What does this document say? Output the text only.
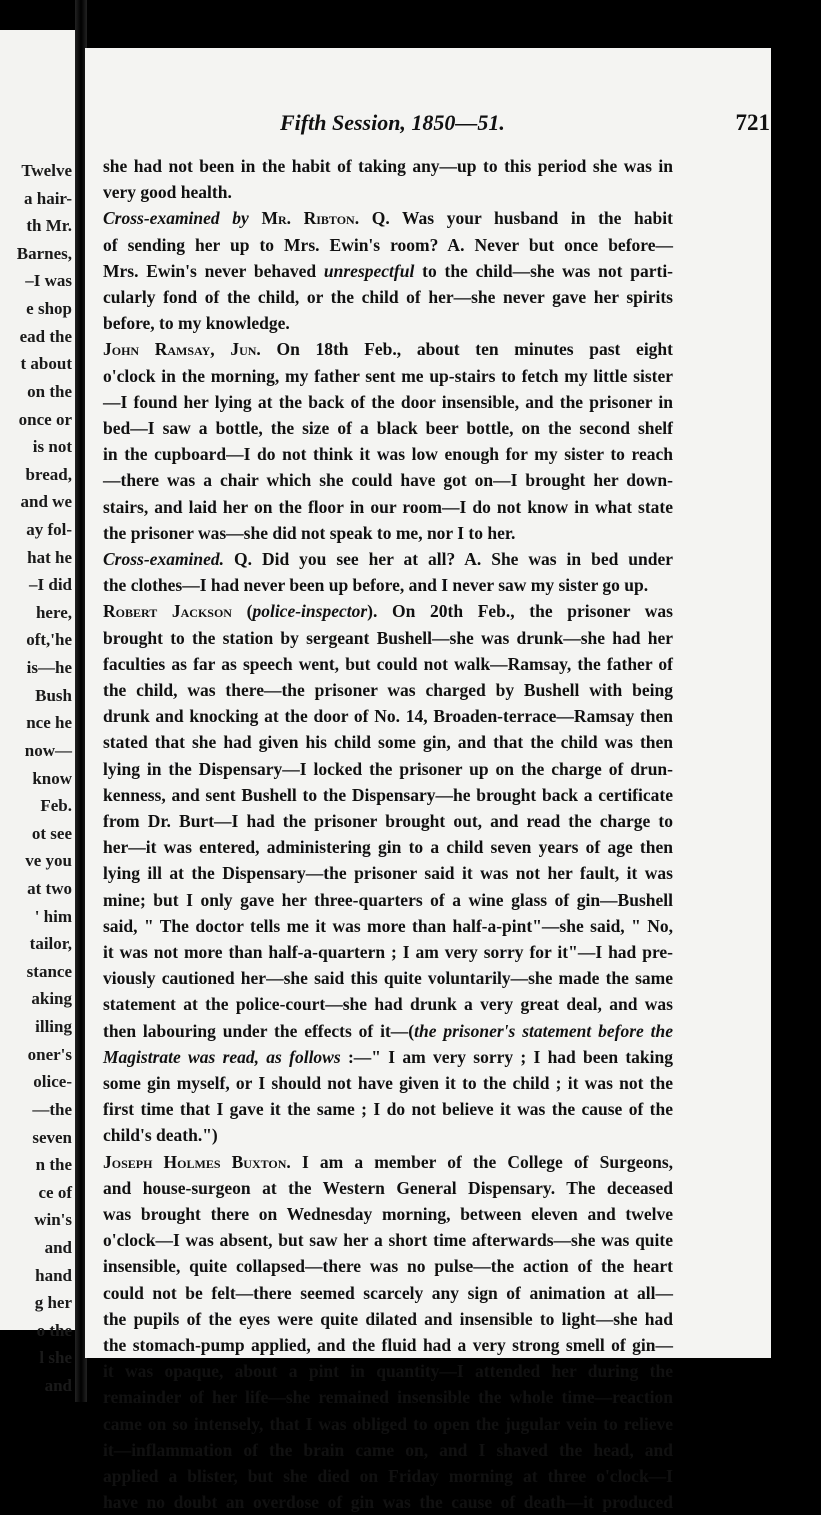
Twelve
a hair-
th Mr.
Barnes,
–I was
e shop
ead the
t about
on the
once or
is not
bread,
and we
ay fol-
hat he
–I did
here,
oft,'he
is—he
Bush
nce he
now—
know
Feb.
ot see
ve you
at two
' him
tailor,
stance
aking
illing
oner's
olice-
—the
seven
n the
ce of
win's
and
hand
g her
o the
l she
and
Fifth Session, 1850—51.	721
she had not been in the habit of taking any—up to this period she was in
very good health.
Cross-examined by Mr. Ribton. Q. Was your husband in the habit
of sending her up to Mrs. Ewin's room? A. Never but once before—
Mrs. Ewin's never behaved unrespectful to the child—she was not parti-
cularly fond of the child, or the child of her—she never gave her spirits
before, to my knowledge.
John Ramsay, Jun. On 18th Feb., about ten minutes past eight
o'clock in the morning, my father sent me up-stairs to fetch my little sister
—I found her lying at the back of the door insensible, and the prisoner in
bed—I saw a bottle, the size of a black beer bottle, on the second shelf
in the cupboard—I do not think it was low enough for my sister to reach
—there was a chair which she could have got on—I brought her down-
stairs, and laid her on the floor in our room—I do not know in what state
the prisoner was—she did not speak to me, nor I to her.
Cross-examined. Q. Did you see her at all? A. She was in bed under
the clothes—I had never been up before, and I never saw my sister go up.
Robert Jackson (police-inspector). On 20th Feb., the prisoner was
brought to the station by sergeant Bushell—she was drunk—she had her
faculties as far as speech went, but could not walk—Ramsay, the father of
the child, was there—the prisoner was charged by Bushell with being
drunk and knocking at the door of No. 14, Broaden-terrace—Ramsay then
stated that she had given his child some gin, and that the child was then
lying in the Dispensary—I locked the prisoner up on the charge of drun-
kenness, and sent Bushell to the Dispensary—he brought back a certificate
from Dr. Burt—I had the prisoner brought out, and read the charge to
her—it was entered, administering gin to a child seven years of age then
lying ill at the Dispensary—the prisoner said it was not her fault, it was
mine; but I only gave her three-quarters of a wine glass of gin—Bushell
said, " The doctor tells me it was more than half-a-pint"—she said, " No,
it was not more than half-a-quartern ; I am very sorry for it"—I had pre-
viously cautioned her—she said this quite voluntarily—she made the same
statement at the police-court—she had drunk a very great deal, and was
then labouring under the effects of it—(the prisoner's statement before the
Magistrate was read, as follows :—" I am very sorry ; I had been taking
some gin myself, or I should not have given it to the child ; it was not the
first time that I gave it the same ; I do not believe it was the cause of the
child's death.")
Joseph Holmes Buxton. I am a member of the College of Surgeons,
and house-surgeon at the Western General Dispensary. The deceased
was brought there on Wednesday morning, between eleven and twelve
o'clock—I was absent, but saw her a short time afterwards—she was quite
insensible, quite collapsed—there was no pulse—the action of the heart
could not be felt—there seemed scarcely any sign of animation at all—
the pupils of the eyes were quite dilated and insensible to light—she had
the stomach-pump applied, and the fluid had a very strong smell of gin—
it was opaque, about a pint in quantity—I attended her during the
remainder of her life—she remained insensible the whole time—reaction
came on so intensely, that I was obliged to open the jugular vein to relieve
it—inflammation of the brain came on, and I shaved the head, and
applied a blister, but she died on Friday morning at three o'clock—I
have no doubt an overdose of gin was the cause of death—it produced
